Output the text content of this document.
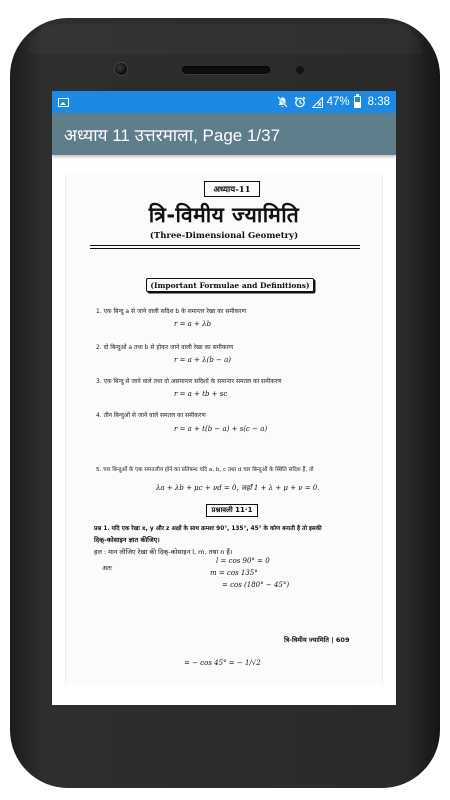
47% 8:38
अध्याय 11 उत्तरमाला, Page 1/37
अध्याय-11
त्रि-विमीय ज्यामिति
(Three-Dimensional Geometry)
(Important Formulae and Definitions)
1. एक बिन्दु a से जाने वाली सदिश b के समान्तर रेखा का समीकरण
r = a + λb
2. दो बिन्दुओं a तथा b से होकर जाने वाली रेखा का समीकरण
r = a + λ(b − a)
3. एक बिन्दु से जाने वाले तथा दो असमान्तर सदिशों के समान्तर समतल का समीकरण
r = a + tb + sc
4. तीन बिन्दुओं से जाने वाले समतल का समीकरण
r = a + t(b − a) + s(c − a)
5. चार बिन्दुओं के एक समतलीय होने का प्रतिबन्ध यदि a, b, c तथा d चार बिन्दुओं के स्थिति सदिश हैं, तो
λa + λb + μc + νd = 0, जहाँ 1 + λ + μ + ν = 0.
प्रश्नावली 11·1
प्रश्न 1. यदि एक रेखा x, y और z अक्षों के साथ क्रमशः 90°, 135°, 45° के कोण बनाती है तो इसकी
दिक्-कोसाइन ज्ञात कीजिए।
हल : मान लीजिए रेखा की दिक्-कोसाइन l, m, तथा n हैं।
अतः
l = cos 90° = 0
m = cos 135°
= cos (180° − 45°)
त्रि-विमीय ज्यामिति | 609
= − cos 45° = − 1/√2
